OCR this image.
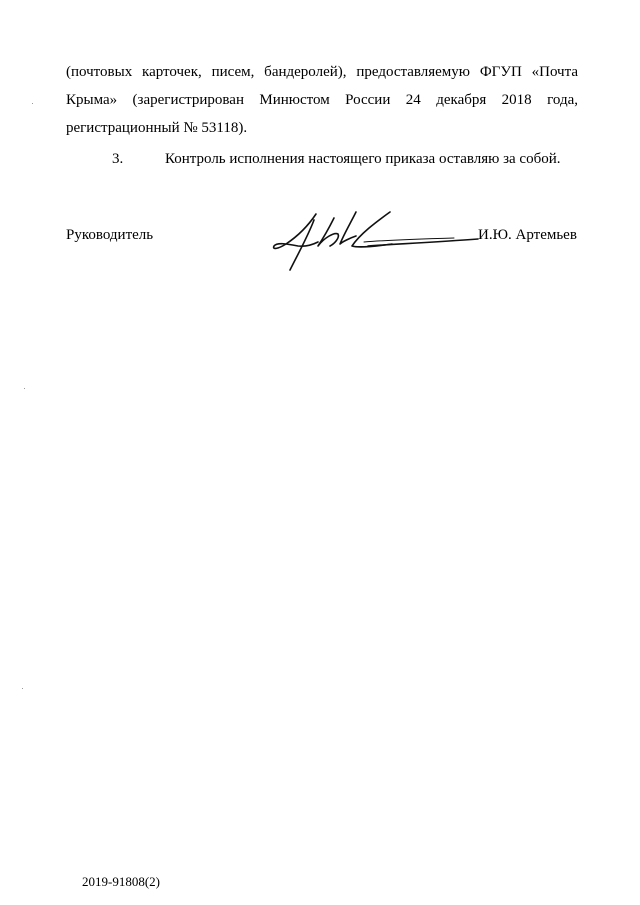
(почтовых карточек, писем, бандеролей), предоставляемую ФГУП «Почта
Крыма» (зарегистрирован Минюстом России 24 декабря 2018 года,
регистрационный № 53118).
3.	Контроль исполнения настоящего приказа оставляю за собой.
Руководитель	И.Ю. Артемьев
2019-91808(2)
